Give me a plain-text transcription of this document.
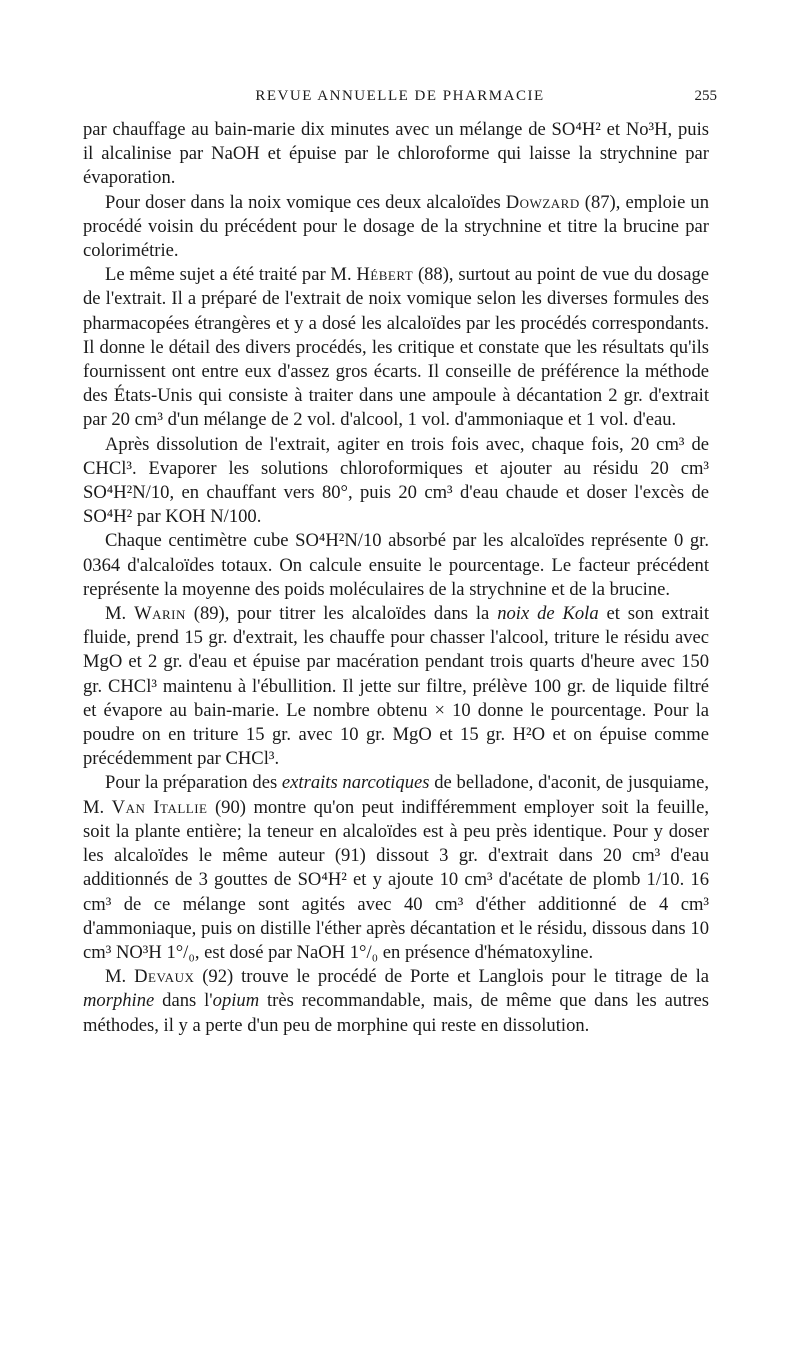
REVUE ANNUELLE DE PHARMACIE	255

par chauffage au bain-marie dix minutes avec un mélange de SO⁴H² et No³H, puis il alcalinise par NaOH et épuise par le chloroforme qui laisse la strychnine par évaporation.

Pour doser dans la noix vomique ces deux alcaloïdes Dowzard (87), emploie un procédé voisin du précédent pour le dosage de la strychnine et titre la brucine par colorimétrie.

Le même sujet a été traité par M. Hébert (88), surtout au point de vue du dosage de l'extrait. Il a préparé de l'extrait de noix vomique selon les diverses formules des pharmacopées étrangères et y a dosé les alcaloïdes par les procédés correspondants. Il donne le détail des divers procédés, les critique et constate que les résultats qu'ils fournissent ont entre eux d'assez gros écarts. Il conseille de préférence la méthode des États-Unis qui consiste à traiter dans une ampoule à décantation 2 gr. d'extrait par 20 cm³ d'un mélange de 2 vol. d'alcool, 1 vol. d'ammoniaque et 1 vol. d'eau.

Après dissolution de l'extrait, agiter en trois fois avec, chaque fois, 20 cm³ de CHCl³. Evaporer les solutions chloroformiques et ajouter au résidu 20 cm³ SO⁴H²N/10, en chauffant vers 80°, puis 20 cm³ d'eau chaude et doser l'excès de SO⁴H² par KOH N/100.

Chaque centimètre cube SO⁴H²N/10 absorbé par les alcaloïdes représente 0 gr. 0364 d'alcaloïdes totaux. On calcule ensuite le pourcentage. Le facteur précédent représente la moyenne des poids moléculaires de la strychnine et de la brucine.

M. Warin (89), pour titrer les alcaloïdes dans la noix de Kola et son extrait fluide, prend 15 gr. d'extrait, les chauffe pour chasser l'alcool, triture le résidu avec MgO et 2 gr. d'eau et épuise par macération pendant trois quarts d'heure avec 150 gr. CHCl³ maintenu à l'ébullition. Il jette sur filtre, prélève 100 gr. de liquide filtré et évapore au bain-marie. Le nombre obtenu × 10 donne le pourcentage. Pour la poudre on en triture 15 gr. avec 10 gr. MgO et 15 gr. H²O et on épuise comme précédemment par CHCl³.

Pour la préparation des extraits narcotiques de belladone, d'aconit, de jusquiame, M. Van Itallie (90) montre qu'on peut indifféremment employer soit la feuille, soit la plante entière; la teneur en alcaloïdes est à peu près identique. Pour y doser les alcaloïdes le même auteur (91) dissout 3 gr. d'extrait dans 20 cm³ d'eau additionnés de 3 gouttes de SO⁴H² et y ajoute 10 cm³ d'acétate de plomb 1/10. 16 cm³ de ce mélange sont agités avec 40 cm³ d'éther additionné de 4 cm³ d'ammoniaque, puis on distille l'éther après décantation et le résidu, dissous dans 10 cm³ NO³H 1°/₀, est dosé par NaOH 1°/₀ en présence d'hématoxyline.

M. Devaux (92) trouve le procédé de Porte et Langlois pour le titrage de la morphine dans l'opium très recommandable, mais, de même que dans les autres méthodes, il y a perte d'un peu de morphine qui reste en dissolution.
